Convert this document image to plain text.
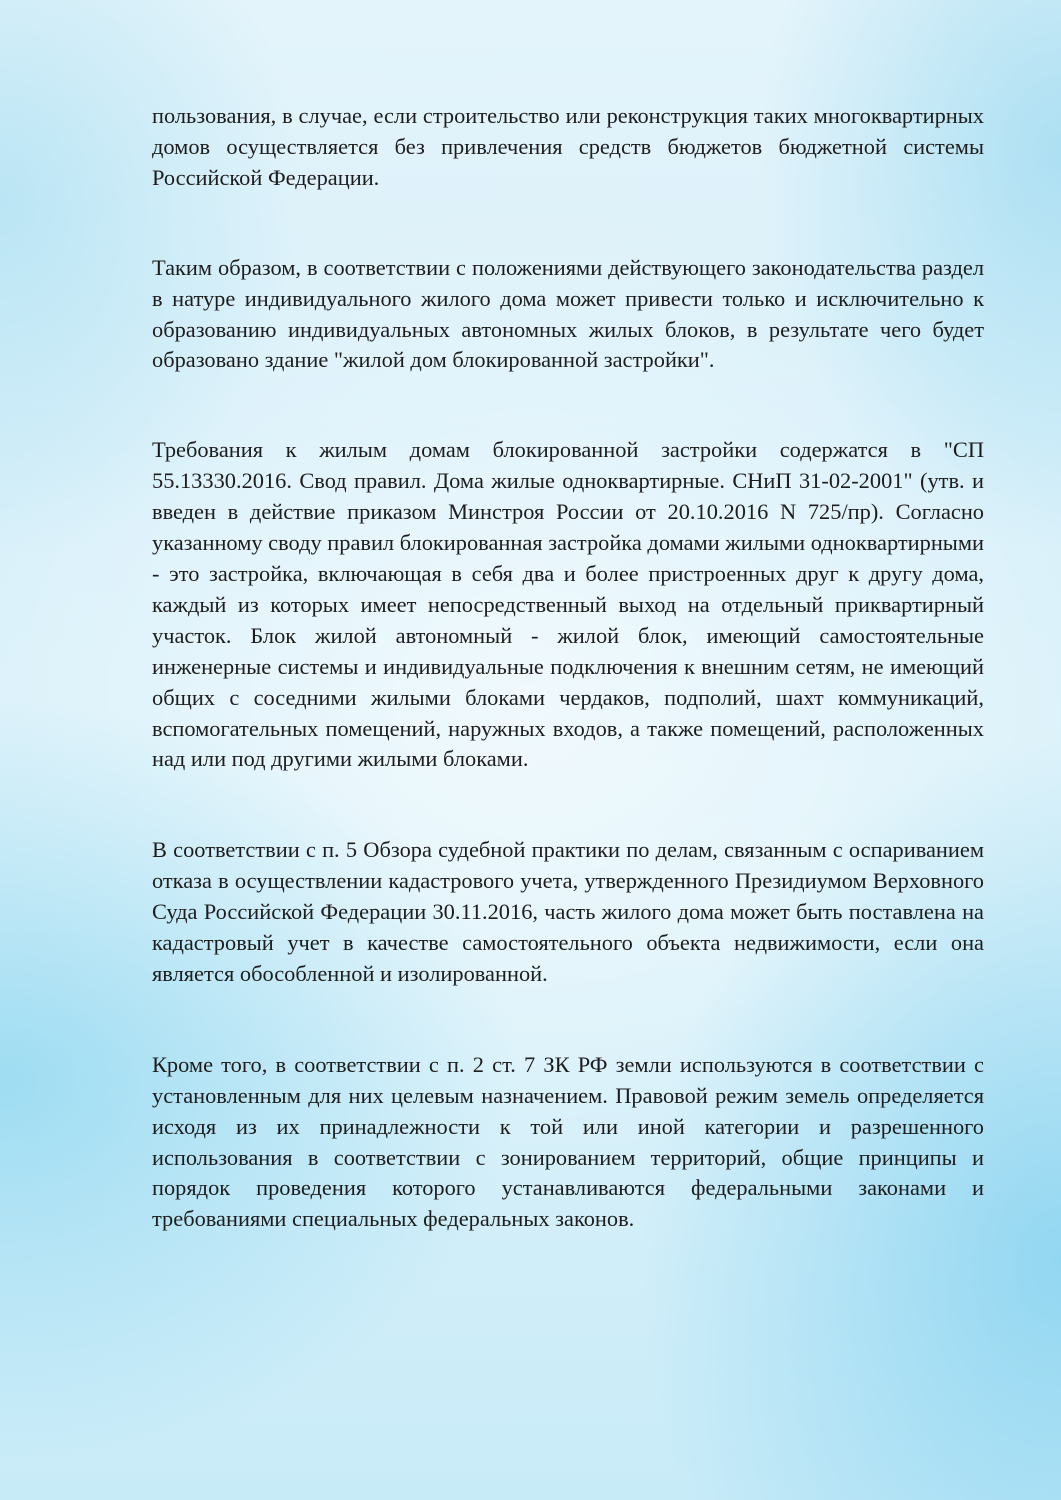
пользования, в случае, если строительство или реконструкция таких многоквартирных домов осуществляется без привлечения средств бюджетов бюджетной системы Российской Федерации.

Таким образом, в соответствии с положениями действующего законодательства раздел в натуре индивидуального жилого дома может привести только и исключительно к образованию индивидуальных автономных жилых блоков, в результате чего будет образовано здание "жилой дом блокированной застройки".

Требования к жилым домам блокированной застройки содержатся в "СП 55.13330.2016. Свод правил. Дома жилые одноквартирные. СНиП 31-02-2001" (утв. и введен в действие приказом Минстроя России от 20.10.2016 N 725/пр). Согласно указанному своду правил блокированная застройка домами жилыми одноквартирными - это застройка, включающая в себя два и более пристроенных друг к другу дома, каждый из которых имеет непосредственный выход на отдельный приквартирный участок. Блок жилой автономный - жилой блок, имеющий самостоятельные инженерные системы и индивидуальные подключения к внешним сетям, не имеющий общих с соседними жилыми блоками чердаков, подполий, шахт коммуникаций, вспомогательных помещений, наружных входов, а также помещений, расположенных над или под другими жилыми блоками.

В соответствии с п. 5 Обзора судебной практики по делам, связанным с оспариванием отказа в осуществлении кадастрового учета, утвержденного Президиумом Верховного Суда Российской Федерации 30.11.2016, часть жилого дома может быть поставлена на кадастровый учет в качестве самостоятельного объекта недвижимости, если она является обособленной и изолированной.

Кроме того, в соответствии с п. 2 ст. 7 ЗК РФ земли используются в соответствии с установленным для них целевым назначением. Правовой режим земель определяется исходя из их принадлежности к той или иной категории и разрешенного использования в соответствии с зонированием территорий, общие принципы и порядок проведения которого устанавливаются федеральными законами и требованиями специальных федеральных законов.
